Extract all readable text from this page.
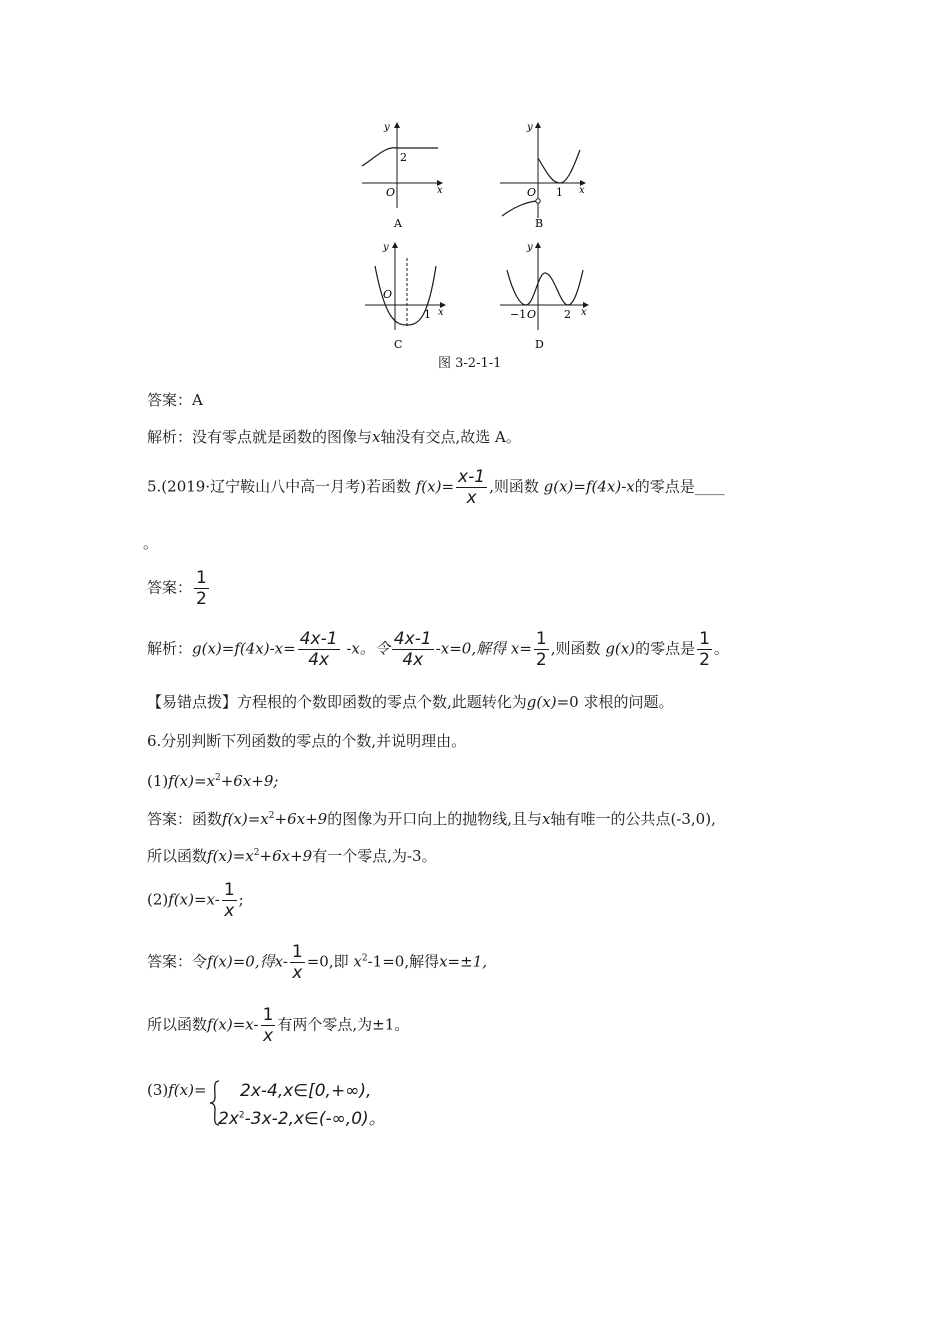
y
x
O
2
A
y
x
O 1
B
y
x
O
1
C
y
x
O
−1	2
D
图 3-2-1-1
答案：A
解析：没有零点就是函数的图像与x轴没有交点,故选 A。
5.(2019·辽宁鞍山八中高一月考)若函数 $f(x)= \frac{x-1}{x}$ ,则函数 g(x)=f(4x)-x的零点是____
。
答案： $\frac{1}{2}$
解析：$g(x)=f(4x)-x= \frac{4x-1}{4x} -x$。令 $\frac{4x-1}{4x} -x=0$,解得 $x= \frac{1}{2}$ ,则函数 g(x)的零点是 $\frac{1}{2}$ 。
【易错点拨】方程根的个数即函数的零点个数,此题转化为g(x)=0 求根的问题。
6.分别判断下列函数的零点的个数,并说明理由。
$(1)f(x)=x^2+6x+9$;
答案：函数$f(x)=x^2+6x+9$的图像为开口向上的抛物线,且与x轴有唯一的公共点(-3,0),
所以函数$f(x)=x^2+6x+9$有一个零点,为-3。
$(2)f(x)=x- \frac{1}{x}$ ;
答案：令f(x)=0,得$x- \frac{1}{x} =0$,即 $x^2-1=0$,解得x=±1,
所以函数$f(x)=x- \frac{1}{x}$ 有两个零点,为±1。
(3)f(x)= 2x-4,x∈[0,+∞),
$2x^2-3x-2,x\in(-\infty,0)$。
